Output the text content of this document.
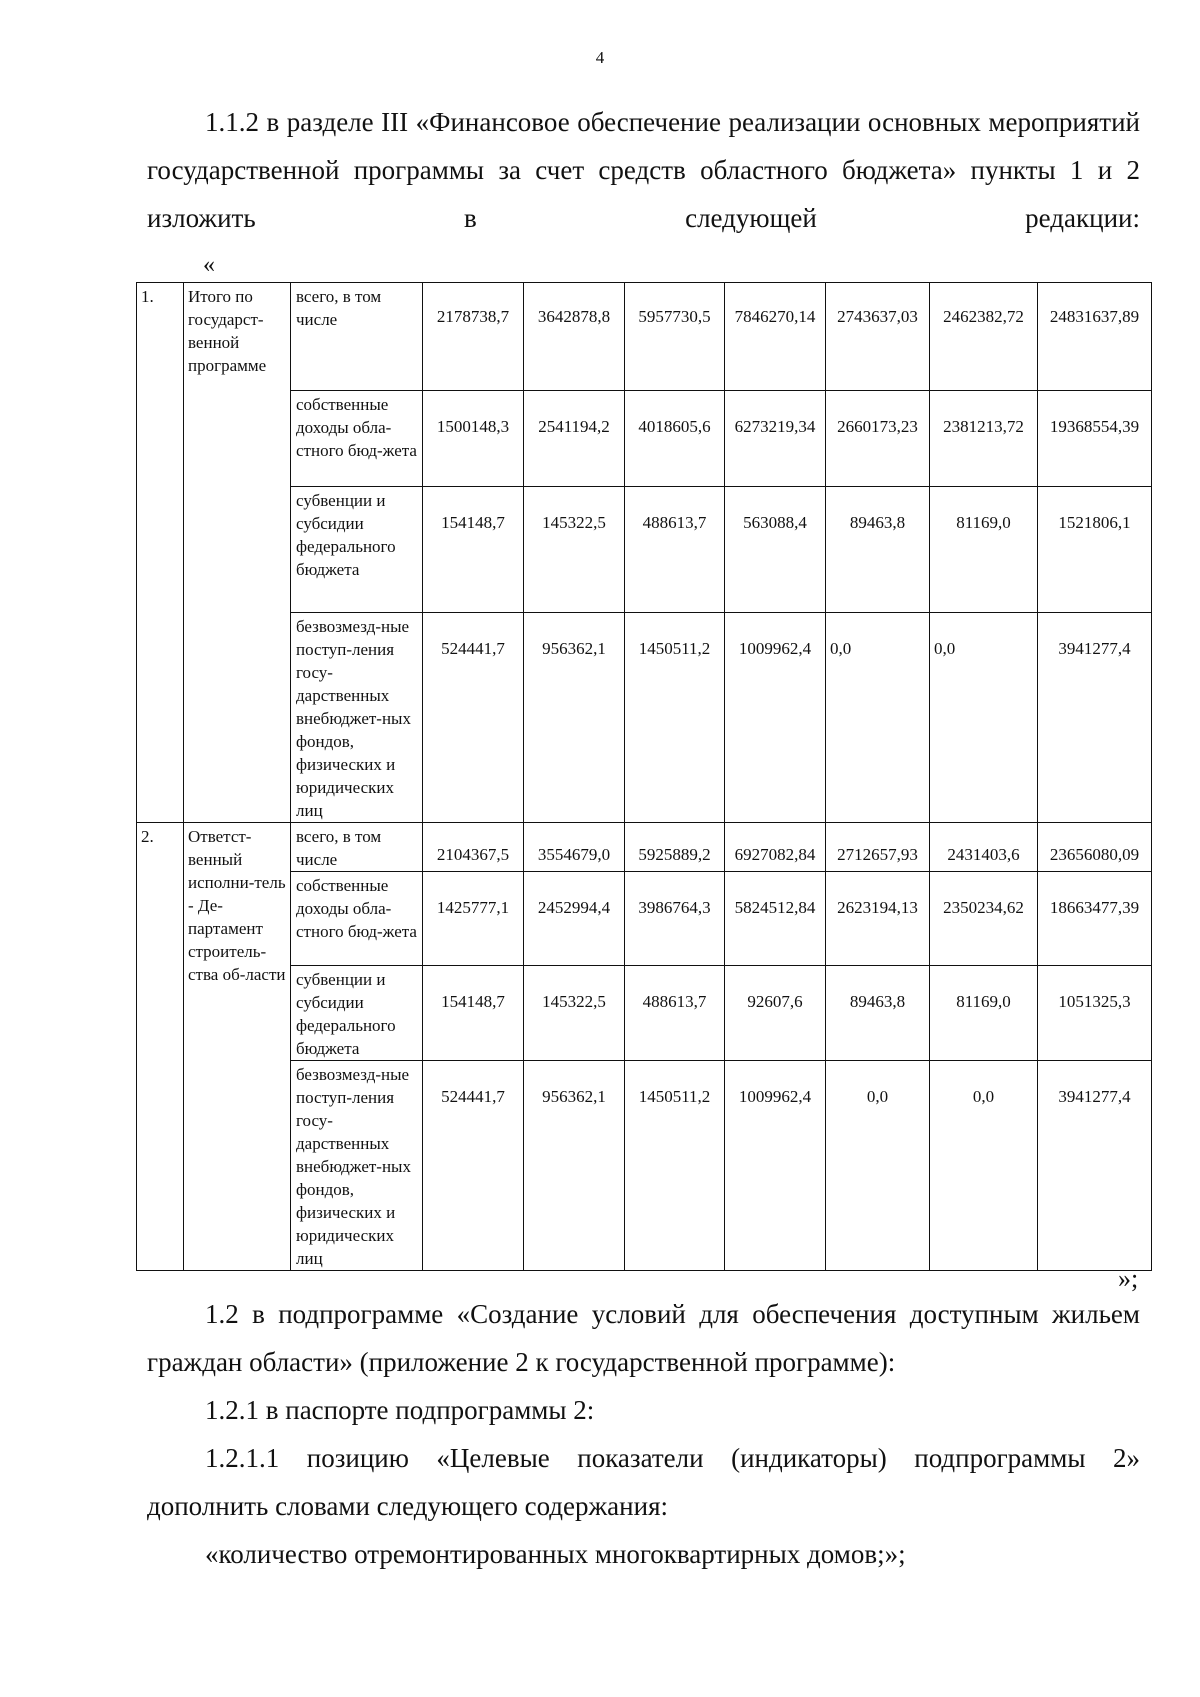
4

1.1.2 в разделе III «Финансовое обеспечение реализации основных мероприятий государственной программы за счет средств областного бюджета» пункты 1 и 2 изложить в следующей редакции:

«
1.	Итого по государст-венной программе	всего, в том числе	2178738,7	3642878,8	5957730,5	7846270,14	2743637,03	2462382,72	24831637,89
		собственные доходы обла-стного бюд-жета	1500148,3	2541194,2	4018605,6	6273219,34	2660173,23	2381213,72	19368554,39
		субвенции и субсидии федерального бюджета	154148,7	145322,5	488613,7	563088,4	89463,8	81169,0	1521806,1
		безвозмезд-ные поступ-ления госу-дарственных внебюджет-ных фондов, физических и юридических лиц	524441,7	956362,1	1450511,2	1009962,4	0,0	0,0	3941277,4
2.	Ответст-венный исполни-тель - Де-партамент строитель-ства об-ласти	всего, в том числе	2104367,5	3554679,0	5925889,2	6927082,84	2712657,93	2431403,6	23656080,09
		собственные доходы обла-стного бюд-жета	1425777,1	2452994,4	3986764,3	5824512,84	2623194,13	2350234,62	18663477,39
		субвенции и субсидии федерального бюджета	154148,7	145322,5	488613,7	92607,6	89463,8	81169,0	1051325,3
		безвозмезд-ные поступ-ления госу-дарственных внебюджет-ных фондов, физических и юридических лиц	524441,7	956362,1	1450511,2	1009962,4	0,0	0,0	3941277,4
»;

1.2 в подпрограмме «Создание условий для обеспечения доступным жильем граждан области» (приложение 2 к государственной программе):

1.2.1 в паспорте подпрограммы 2:

1.2.1.1 позицию «Целевые показатели (индикаторы) подпрограммы 2» дополнить словами следующего содержания:

«количество отремонтированных многоквартирных домов;»;
